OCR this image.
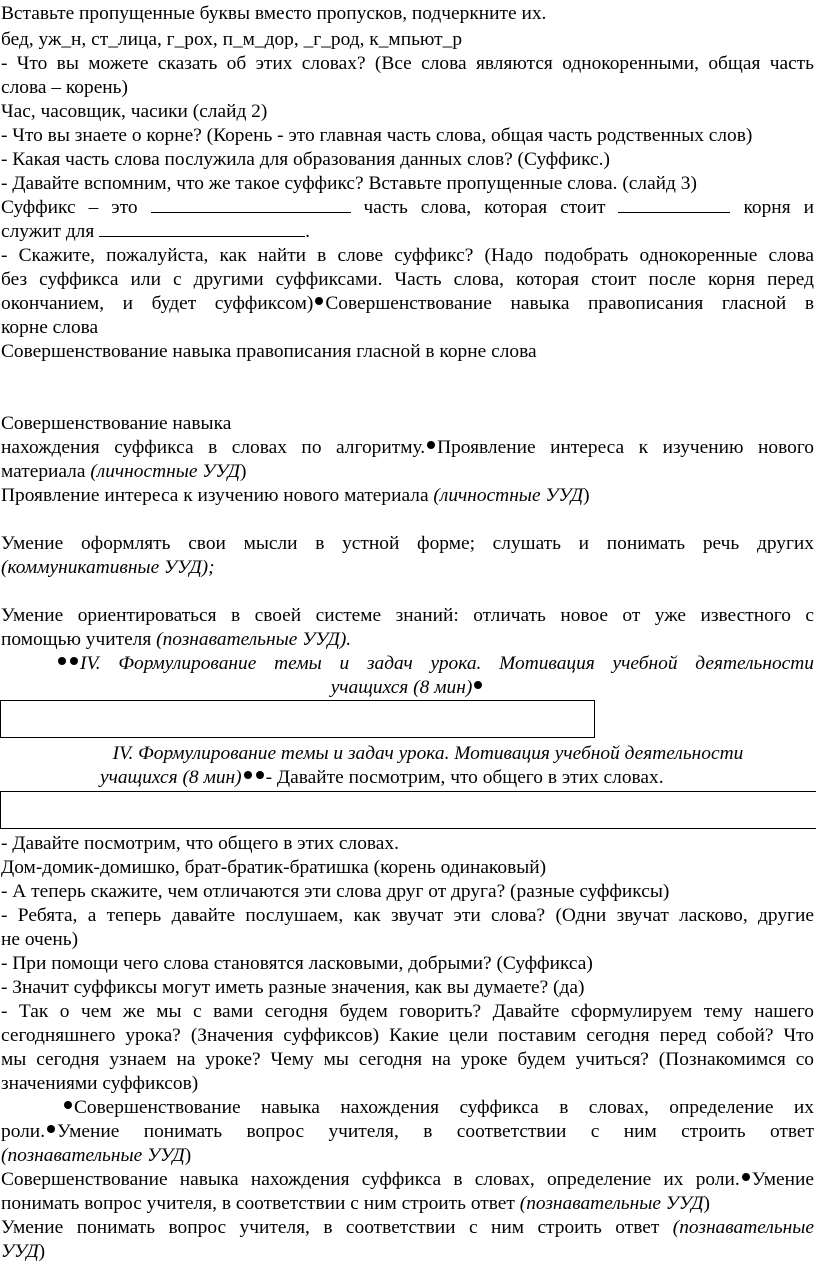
Вставьте пропущенные буквы вместо пропусков, подчеркните их.
бед, уж_н, ст_лица, г_рох, п_м_дор, _г_род, к_мпьют_р
- Что вы можете сказать об этих словах? (Все слова являются однокоренными, общая часть
слова – корень)
Час, часовщик, часики (слайд 2)
- Что вы знаете о корне? (Корень - это главная часть слова, общая часть родственных слов)
- Какая часть слова послужила для образования данных слов? (Суффикс.)
- Давайте вспомним, что же такое суффикс? Вставьте пропущенные слова. (слайд 3)
Суффикс – это	часть слова, которая стоит	корня и
служит для	.
- Скажите, пожалуйста, как найти в слове суффикс? (Надо подобрать однокоренные слова
без суффикса или с другими суффиксами. Часть слова, которая стоит после корня перед
окончанием, и будет суффиксом) Совершенствование навыка правописания гласной в
корне слова
Совершенствование навыка правописания гласной в корне слова
Совершенствование навыка
нахождения суффикса в словах по алгоритму. Проявление интереса к изучению нового
материала (личностные УУД)
Проявление интереса к изучению нового материала (личностные УУД)
Умение оформлять свои мысли в устной форме; слушать и понимать речь других
(коммуникативные УУД);
Умение ориентироваться в своей системе знаний: отличать новое от уже известного с
помощью учителя (познавательные УУД).
IV. Формулирование темы и задач урока. Мотивация учебной деятельности
учащихся (8 мин)
IV. Формулирование темы и задач урока. Мотивация учебной деятельности
учащихся (8 мин) - Давайте посмотрим, что общего в этих словах.
- Давайте посмотрим, что общего в этих словах.
Дом-домик-домишко, брат-братик-братишка (корень одинаковый)
- А теперь скажите, чем отличаются эти слова друг от друга? (разные суффиксы)
- Ребята, а теперь давайте послушаем, как звучат эти слова? (Одни звучат ласково, другие
не очень)
- При помощи чего слова становятся ласковыми, добрыми? (Суффикса)
- Значит суффиксы могут иметь разные значения, как вы думаете? (да)
- Так о чем же мы с вами сегодня будем говорить? Давайте сформулируем тему нашего
сегодняшнего урока? (Значения суффиксов) Какие цели поставим сегодня перед собой? Что
мы сегодня узнаем на уроке? Чему мы сегодня на уроке будем учиться? (Познакомимся со
значениями суффиксов)
Совершенствование навыка нахождения суффикса в словах, определение их
роли. Умение понимать вопрос учителя, в соответствии с ним строить ответ
(познавательные УУД)
Совершенствование навыка нахождения суффикса в словах, определение их роли. Умение
понимать вопрос учителя, в соответствии с ним строить ответ (познавательные УУД)
Умение понимать вопрос учителя, в соответствии с ним строить ответ (познавательные
УУД)
